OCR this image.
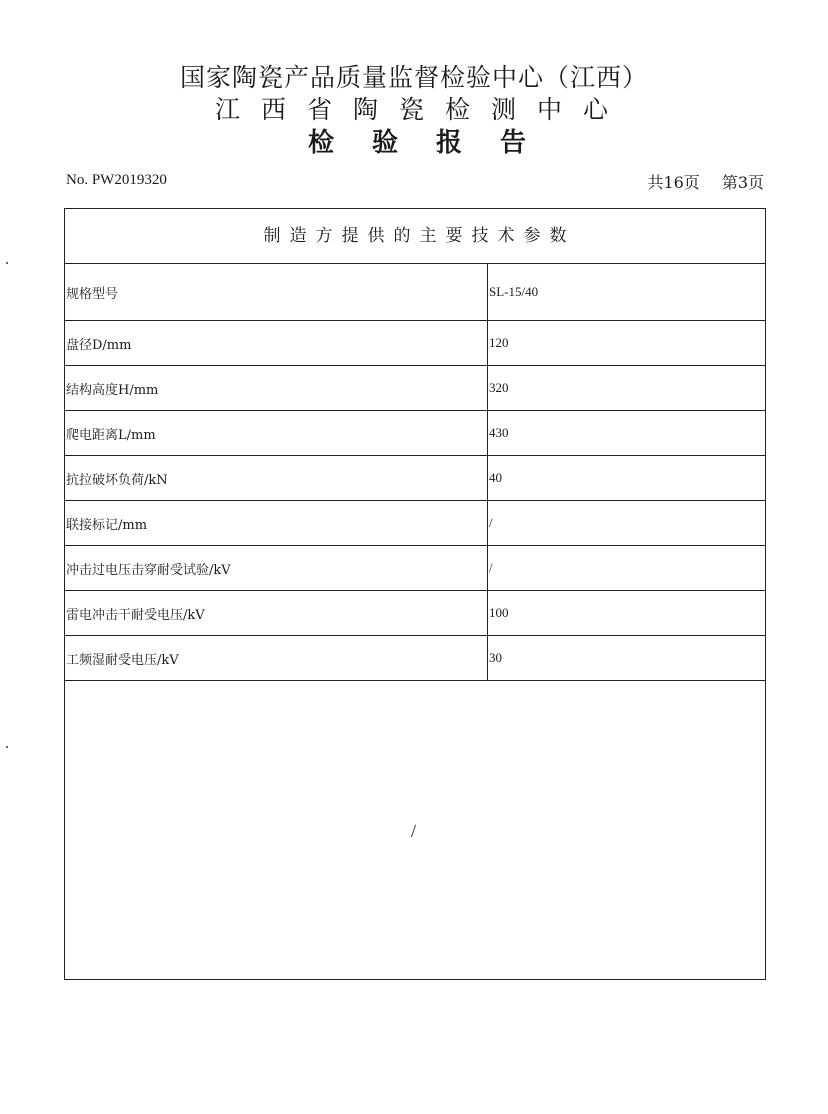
国家陶瓷产品质量监督检验中心（江西）
江西省陶瓷检测中心
检验报告
No. PW2019320	共16页 第3页
制造方提供的主要技术参数
规格型号	SL-15/40
盘径D/mm	120
结构高度H/mm	320
爬电距离L/mm	430
抗拉破坏负荷/kN	40
联接标记/mm	/
冲击过电压击穿耐受试验/kV	/
雷电冲击干耐受电压/kV	100
工频湿耐受电压/kV	30
/
